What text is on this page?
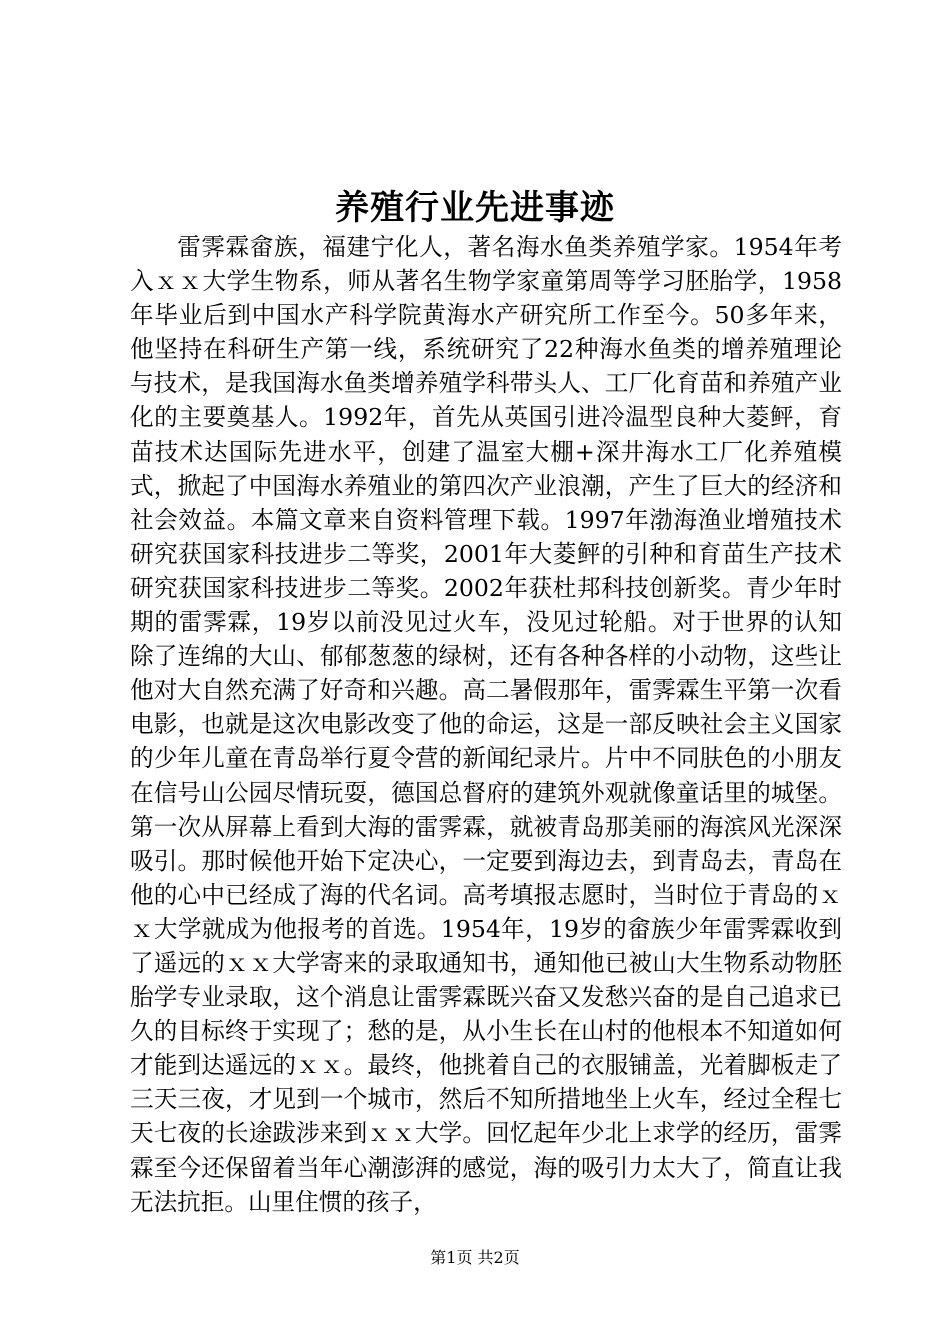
养殖行业先进事迹

雷霁霖畲族，福建宁化人，著名海水鱼类养殖学家。1954年考入ｘｘ大学生物系，师从著名生物学家童第周等学习胚胎学，1958年毕业后到中国水产科学院黄海水产研究所工作至今。50多年来，他坚持在科研生产第一线，系统研究了22种海水鱼类的增养殖理论与技术，是我国海水鱼类增养殖学科带头人、工厂化育苗和养殖产业化的主要奠基人。1992年，首先从英国引进冷温型良种大菱鲆，育苗技术达国际先进水平，创建了温室大棚+深井海水工厂化养殖模式，掀起了中国海水养殖业的第四次产业浪潮，产生了巨大的经济和社会效益。本篇文章来自资料管理下载。1997年渤海渔业增殖技术研究获国家科技进步二等奖，2001年大菱鲆的引种和育苗生产技术研究获国家科技进步二等奖。2002年获杜邦科技创新奖。青少年时期的雷霁霖，19岁以前没见过火车，没见过轮船。对于世界的认知除了连绵的大山、郁郁葱葱的绿树，还有各种各样的小动物，这些让他对大自然充满了好奇和兴趣。高二暑假那年，雷霁霖生平第一次看电影，也就是这次电影改变了他的命运，这是一部反映社会主义国家的少年儿童在青岛举行夏令营的新闻纪录片。片中不同肤色的小朋友在信号山公园尽情玩耍，德国总督府的建筑外观就像童话里的城堡。第一次从屏幕上看到大海的雷霁霖，就被青岛那美丽的海滨风光深深吸引。那时候他开始下定决心，一定要到海边去，到青岛去，青岛在他的心中已经成了海的代名词。高考填报志愿时，当时位于青岛的ｘｘ大学就成为他报考的首选。1954年，19岁的畲族少年雷霁霖收到了遥远的ｘｘ大学寄来的录取通知书，通知他已被山大生物系动物胚胎学专业录取，这个消息让雷霁霖既兴奋又发愁兴奋的是自己追求已久的目标终于实现了；愁的是，从小生长在山村的他根本不知道如何才能到达遥远的ｘｘ。最终，他挑着自己的衣服铺盖，光着脚板走了三天三夜，才见到一个城市，然后不知所措地坐上火车，经过全程七天七夜的长途跋涉来到ｘｘ大学。回忆起年少北上求学的经历，雷霁霖至今还保留着当年心潮澎湃的感觉，海的吸引力太大了，简直让我无法抗拒。山里住惯的孩子，

第1页 共2页
